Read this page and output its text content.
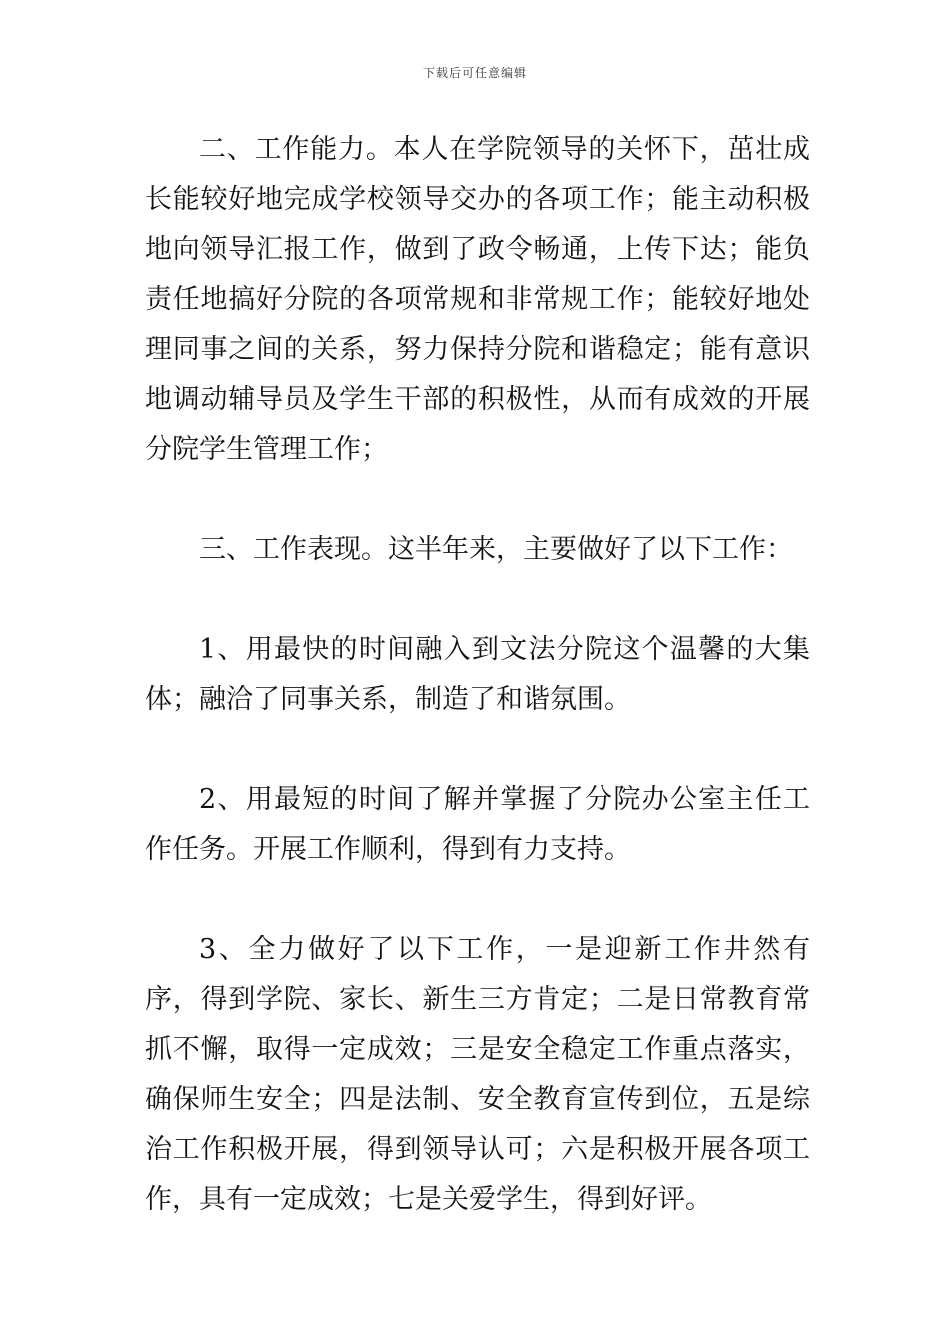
下载后可任意编辑

二、工作能力。本人在学院领导的关怀下，茁壮成长能较好地完成学校领导交办的各项工作；能主动积极地向领导汇报工作，做到了政令畅通，上传下达；能负责任地搞好分院的各项常规和非常规工作；能较好地处理同事之间的关系，努力保持分院和谐稳定；能有意识地调动辅导员及学生干部的积极性，从而有成效的开展分院学生管理工作；

三、工作表现。这半年来，主要做好了以下工作：

1、用最快的时间融入到文法分院这个温馨的大集体；融洽了同事关系，制造了和谐氛围。

2、用最短的时间了解并掌握了分院办公室主任工作任务。开展工作顺利，得到有力支持。

3、全力做好了以下工作，一是迎新工作井然有序，得到学院、家长、新生三方肯定；二是日常教育常抓不懈，取得一定成效；三是安全稳定工作重点落实，确保师生安全；四是法制、安全教育宣传到位，五是综治工作积极开展，得到领导认可；六是积极开展各项工作，具有一定成效；七是关爱学生，得到好评。
